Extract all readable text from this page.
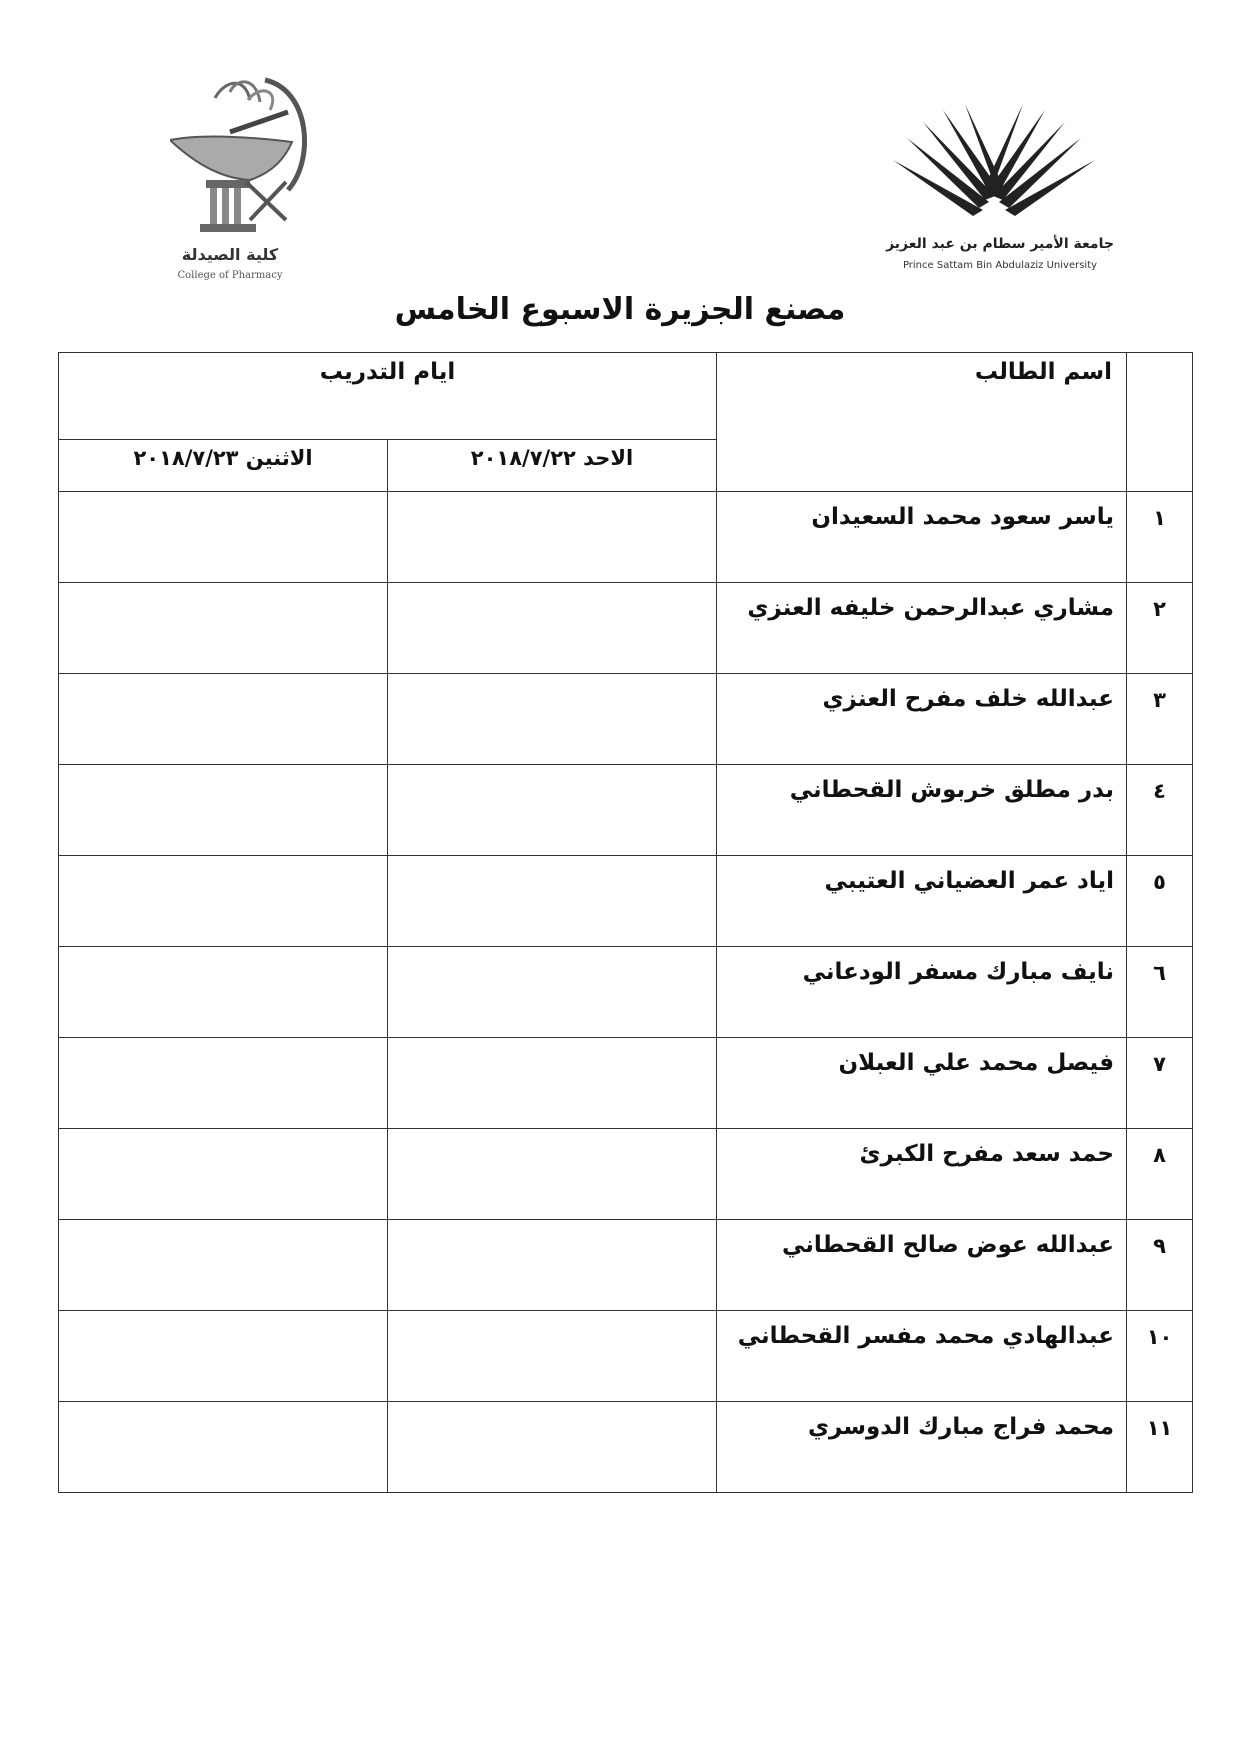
كلية الصيدلة
College of Pharmacy
جامعة الأمير سطام بن عبد العزيز
Prince Sattam Bin Abdulaziz University
مصنع الجزيرة الاسبوع الخامس
	اسم الطالب	ايام التدريب	
		الاحد ٢٠١٨/٧/٢٢	الاثنين ٢٠١٨/٧/٢٣
١	ياسر سعود محمد السعيدان		
٢	مشاري عبدالرحمن خليفه العنزي		
٣	عبدالله خلف مفرح العنزي		
٤	بدر مطلق خربوش القحطاني		
٥	اياد عمر العضياني العتيبي		
٦	نايف مبارك مسفر الودعاني		
٧	فيصل محمد علي العبلان		
٨	حمد سعد مفرح الكبرئ		
٩	عبدالله عوض صالح القحطاني		
١٠	عبدالهادي محمد مفسر القحطاني		
١١	محمد فراج مبارك الدوسري		
